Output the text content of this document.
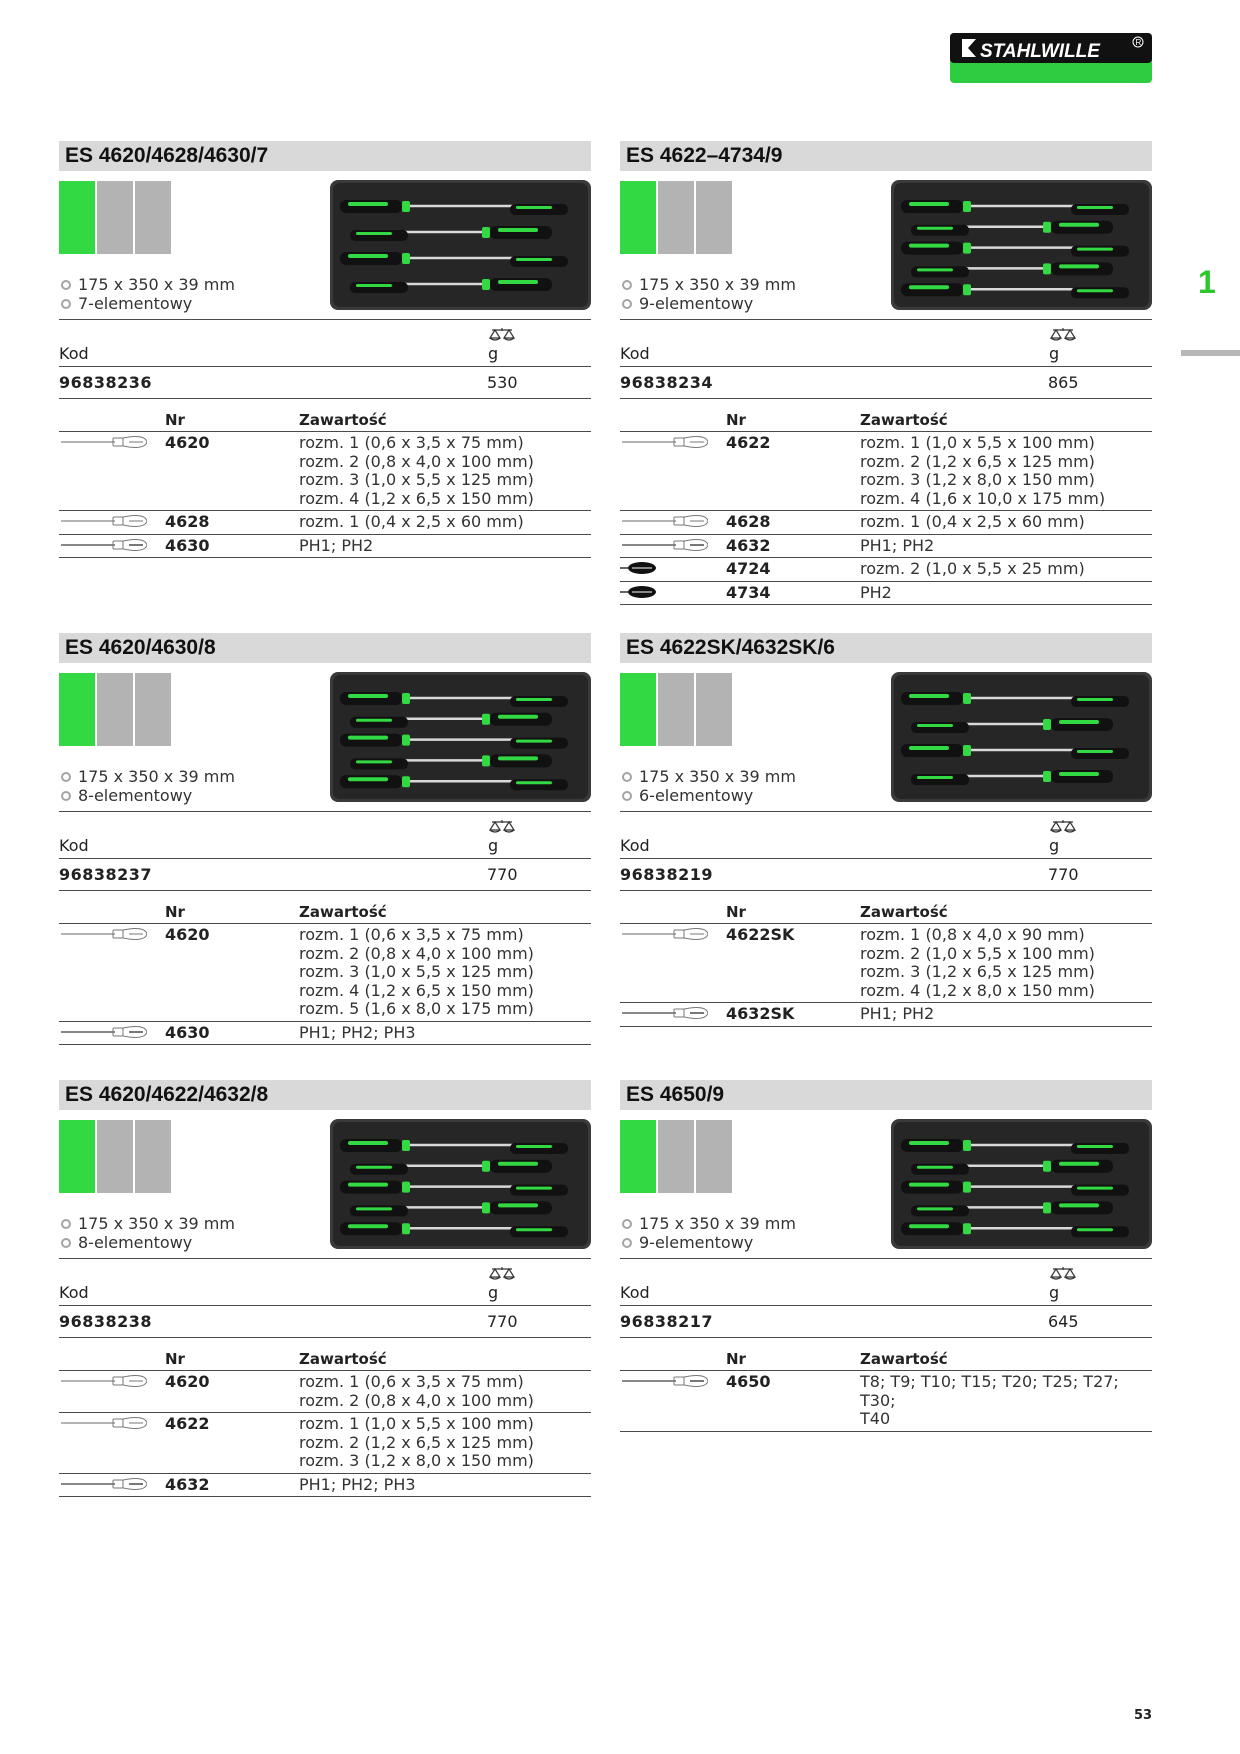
STAHLWILLE	R
1
ES 4620/4628/4630/7
175 x 350 x 39 mm
7-elementowy
Kod	g
96838236	530
Nr	Zawartość
4620	rozm. 1 (0,6 x 3,5 x 75 mm)
rozm. 2 (0,8 x 4,0 x 100 mm)
rozm. 3 (1,0 x 5,5 x 125 mm)
rozm. 4 (1,2 x 6,5 x 150 mm)
4628	rozm. 1 (0,4 x 2,5 x 60 mm)
4630	PH1; PH2
ES 4622–4734/9
175 x 350 x 39 mm
9-elementowy
Kod	g
96838234	865
Nr	Zawartość
4622	rozm. 1 (1,0 x 5,5 x 100 mm)
rozm. 2 (1,2 x 6,5 x 125 mm)
rozm. 3 (1,2 x 8,0 x 150 mm)
rozm. 4 (1,6 x 10,0 x 175 mm)
4628	rozm. 1 (0,4 x 2,5 x 60 mm)
4632	PH1; PH2
4724	rozm. 2 (1,0 x 5,5 x 25 mm)
4734	PH2
ES 4620/4630/8
175 x 350 x 39 mm
8-elementowy
Kod	g
96838237	770
Nr	Zawartość
4620	rozm. 1 (0,6 x 3,5 x 75 mm)
rozm. 2 (0,8 x 4,0 x 100 mm)
rozm. 3 (1,0 x 5,5 x 125 mm)
rozm. 4 (1,2 x 6,5 x 150 mm)
rozm. 5 (1,6 x 8,0 x 175 mm)
4630	PH1; PH2; PH3
ES 4622SK/4632SK/6
175 x 350 x 39 mm
6-elementowy
Kod	g
96838219	770
Nr	Zawartość
4622SK	rozm. 1 (0,8 x 4,0 x 90 mm)
rozm. 2 (1,0 x 5,5 x 100 mm)
rozm. 3 (1,2 x 6,5 x 125 mm)
rozm. 4 (1,2 x 8,0 x 150 mm)
4632SK	PH1; PH2
ES 4620/4622/4632/8
175 x 350 x 39 mm
8-elementowy
Kod	g
96838238	770
Nr	Zawartość
4620	rozm. 1 (0,6 x 3,5 x 75 mm)
rozm. 2 (0,8 x 4,0 x 100 mm)
4622	rozm. 1 (1,0 x 5,5 x 100 mm)
rozm. 2 (1,2 x 6,5 x 125 mm)
rozm. 3 (1,2 x 8,0 x 150 mm)
4632	PH1; PH2; PH3
ES 4650/9
175 x 350 x 39 mm
9-elementowy
Kod	g
96838217	645
Nr	Zawartość
4650	T8; T9; T10; T15; T20; T25; T27; T30;
T40
53
